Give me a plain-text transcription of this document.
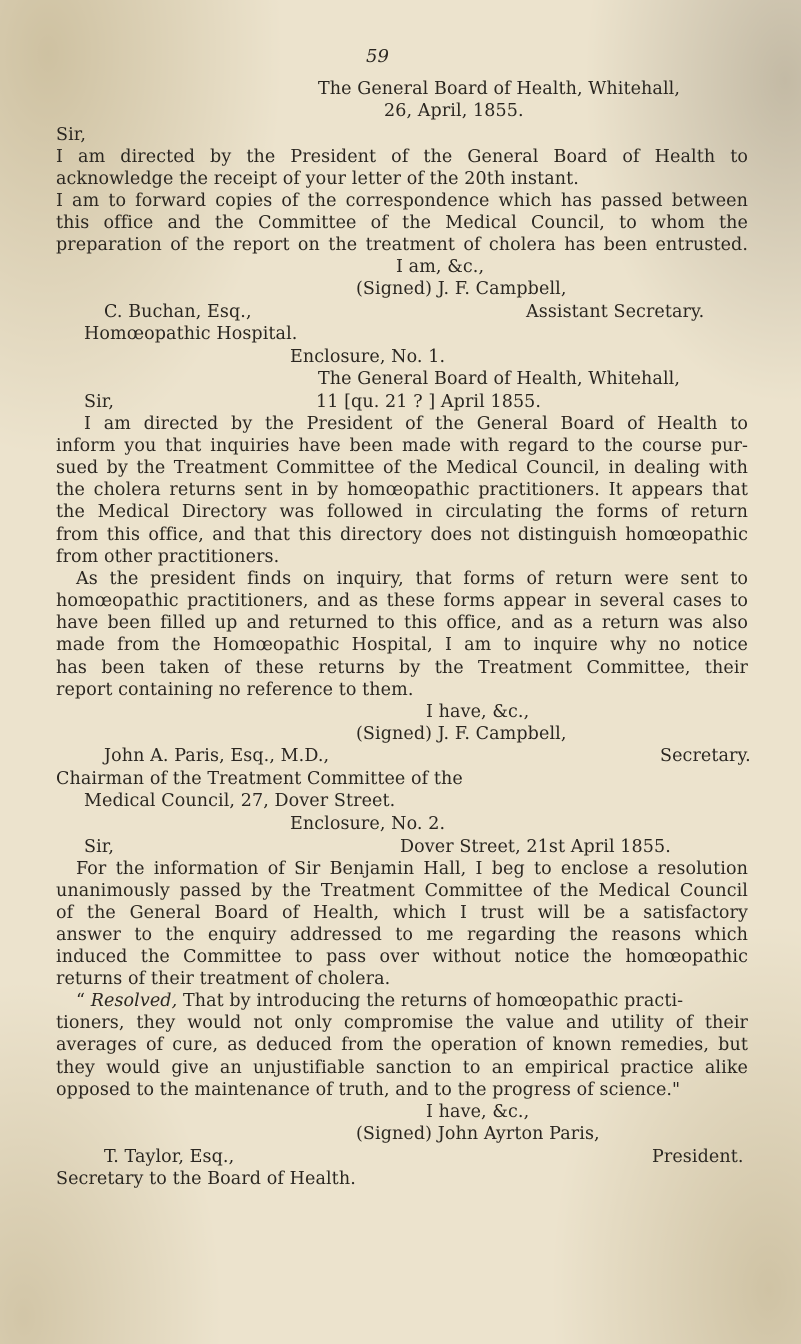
59
The General Board of Health, Whitehall,
26, April, 1855.
Sir,
I am directed by the President of the General Board of Health to
acknowledge the receipt of your letter of the 20th instant.
I am to forward copies of the correspondence which has passed between
this office and the Committee of the Medical Council, to whom the
preparation of the report on the treatment of cholera has been entrusted.
I am, &c.,
(Signed) J. F. Campbell,
C. Buchan, Esq.,	Assistant Secretary.
Homœopathic Hospital.
Enclosure, No. 1.
The General Board of Health, Whitehall,
Sir,	11 [qu. 21 ? ] April 1855.
I am directed by the President of the General Board of Health to
inform you that inquiries have been made with regard to the course pur-
sued by the Treatment Committee of the Medical Council, in dealing with
the cholera returns sent in by homœopathic practitioners. It appears that
the Medical Directory was followed in circulating the forms of return
from this office, and that this directory does not distinguish homœopathic
from other practitioners.
As the president finds on inquiry, that forms of return were sent to
homœopathic practitioners, and as these forms appear in several cases to
have been filled up and returned to this office, and as a return was also
made from the Homœopathic Hospital, I am to inquire why no notice
has been taken of these returns by the Treatment Committee, their
report containing no reference to them.
I have, &c.,
(Signed) J. F. Campbell,
John A. Paris, Esq., M.D.,	Secretary.
Chairman of the Treatment Committee of the
Medical Council, 27, Dover Street.
Enclosure, No. 2.
Sir,	Dover Street, 21st April 1855.
For the information of Sir Benjamin Hall, I beg to enclose a resolution
unanimously passed by the Treatment Committee of the Medical Council
of the General Board of Health, which I trust will be a satisfactory
answer to the enquiry addressed to me regarding the reasons which
induced the Committee to pass over without notice the homœopathic
returns of their treatment of cholera.
“ Resolved, That by introducing the returns of homœopathic practi-
tioners, they would not only compromise the value and utility of their
averages of cure, as deduced from the operation of known remedies, but
they would give an unjustifiable sanction to an empirical practice alike
opposed to the maintenance of truth, and to the progress of science."
I have, &c.,
(Signed) John Ayrton Paris,
T. Taylor, Esq.,	President.
Secretary to the Board of Health.
